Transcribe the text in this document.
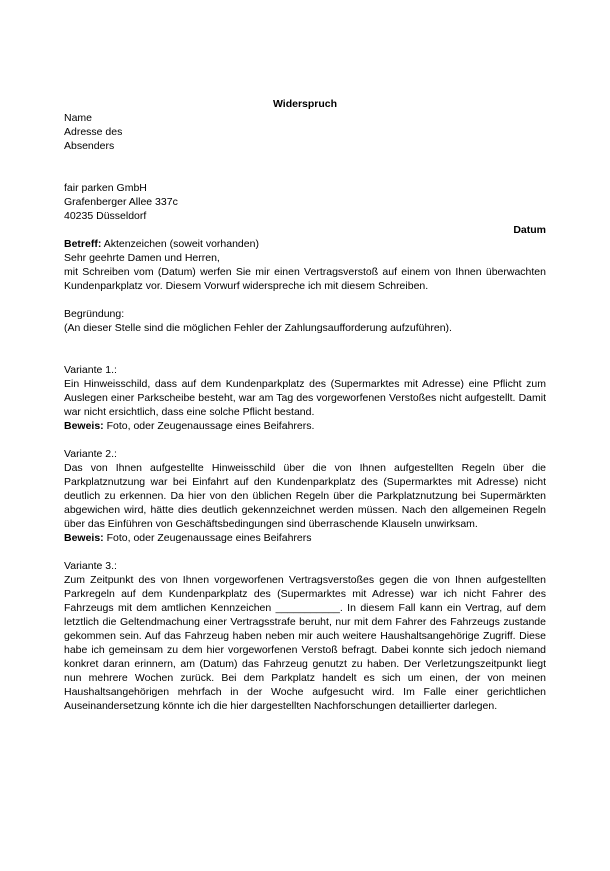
Widerspruch

Name

Adresse des

Absenders

fair parken GmbH

Grafenberger Allee 337c

40235 Düsseldorf

Datum

Betreff: Aktenzeichen (soweit vorhanden)

Sehr geehrte Damen und Herren,

mit Schreiben vom (Datum) werfen Sie mir einen Vertragsverstoß auf einem von Ihnen überwachten Kundenparkplatz vor. Diesem Vorwurf widerspreche ich mit diesem Schreiben.

Begründung:

(An dieser Stelle sind die möglichen Fehler der Zahlungsaufforderung aufzuführen).

Variante 1.:

Ein Hinweisschild, dass auf dem Kundenparkplatz des (Supermarktes mit Adresse) eine Pflicht zum Auslegen einer Parkscheibe besteht, war am Tag des vorgeworfenen Verstoßes nicht aufgestellt. Damit war nicht ersichtlich, dass eine solche Pflicht bestand.

Beweis: Foto, oder Zeugenaussage eines Beifahrers.

Variante 2.:

Das von Ihnen aufgestellte Hinweisschild über die von Ihnen aufgestellten Regeln über die Parkplatznutzung war bei Einfahrt auf den Kundenparkplatz des (Supermarktes mit Adresse) nicht deutlich zu erkennen. Da hier von den üblichen Regeln über die Parkplatznutzung bei Supermärkten abgewichen wird, hätte dies deutlich gekennzeichnet werden müssen. Nach den allgemeinen Regeln über das Einführen von Geschäftsbedingungen sind überraschende Klauseln unwirksam.

Beweis: Foto, oder Zeugenaussage eines Beifahrers

Variante 3.:

Zum Zeitpunkt des von Ihnen vorgeworfenen Vertragsverstoßes gegen die von Ihnen aufgestellten Parkregeln auf dem Kundenparkplatz des (Supermarktes mit Adresse) war ich nicht Fahrer des Fahrzeugs mit dem amtlichen Kennzeichen ___________. In diesem Fall kann ein Vertrag, auf dem letztlich die Geltendmachung einer Vertragsstrafe beruht, nur mit dem Fahrer des Fahrzeugs zustande gekommen sein. Auf das Fahrzeug haben neben mir auch weitere Haushaltsangehörige Zugriff. Diese habe ich gemeinsam zu dem hier vorgeworfenen Verstoß befragt. Dabei konnte sich jedoch niemand konkret daran erinnern, am (Datum) das Fahrzeug genutzt zu haben. Der Verletzungszeitpunkt liegt nun mehrere Wochen zurück. Bei dem Parkplatz handelt es sich um einen, der von meinen Haushaltsangehörigen mehrfach in der Woche aufgesucht wird. Im Falle einer gerichtlichen Auseinandersetzung könnte ich die hier dargestellten Nachforschungen detaillierter darlegen.
